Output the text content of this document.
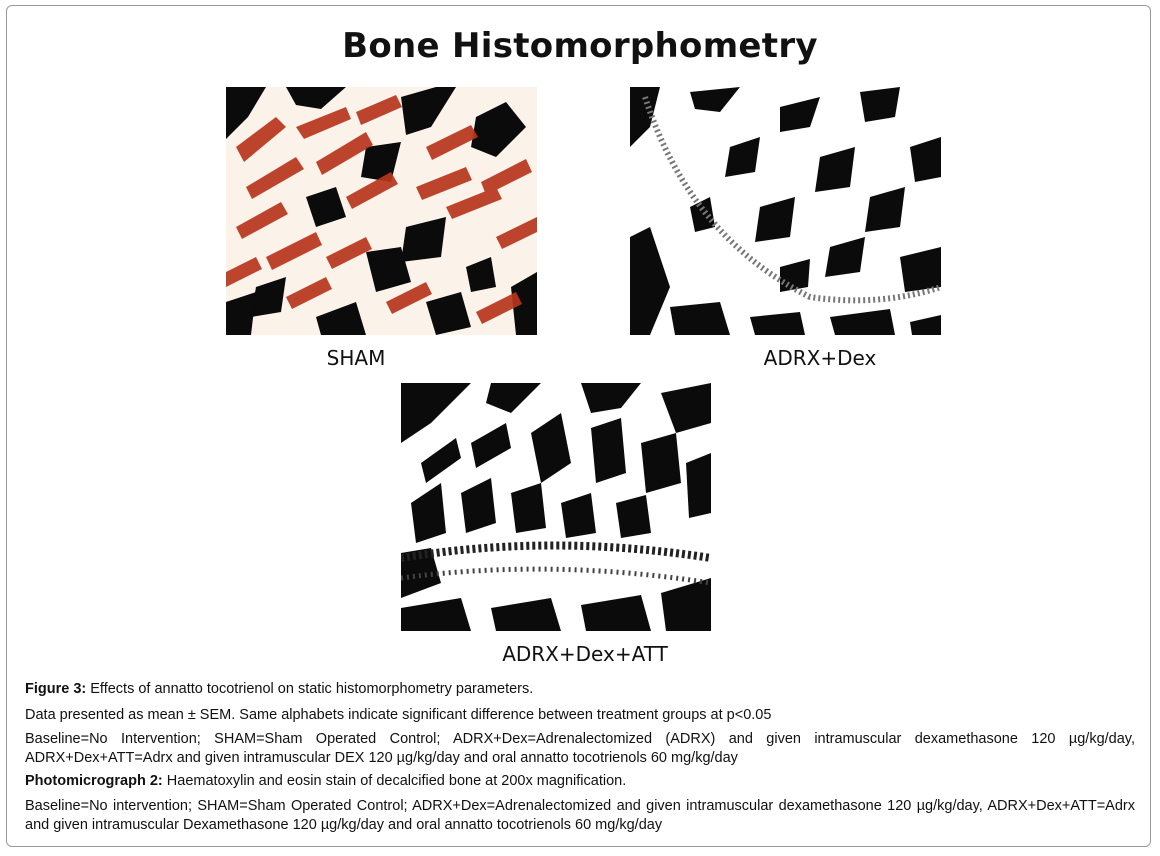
Bone Histomorphometry
SHAM	ADRX+Dex
ADRX+Dex+ATT
Figure 3: Effects of annatto tocotrienol on static histomorphometry parameters.
Data presented as mean ± SEM. Same alphabets indicate significant difference between treatment groups at p<0.05
Baseline=No Intervention; SHAM=Sham Operated Control; ADRX+Dex=Adrenalectomized (ADRX) and given intramuscular dexamethasone 120 µg/kg/day, ADRX+Dex+ATT=Adrx and given intramuscular DEX 120 µg/kg/day and oral annatto tocotrienols 60 mg/kg/day
Photomicrograph 2: Haematoxylin and eosin stain of decalcified bone at 200x magnification.
Baseline=No intervention; SHAM=Sham Operated Control; ADRX+Dex=Adrenalectomized and given intramuscular dexamethasone 120 µg/kg/day, ADRX+Dex+ATT=Adrx and given intramuscular Dexamethasone 120 µg/kg/day and oral annatto tocotrienols 60 mg/kg/day
